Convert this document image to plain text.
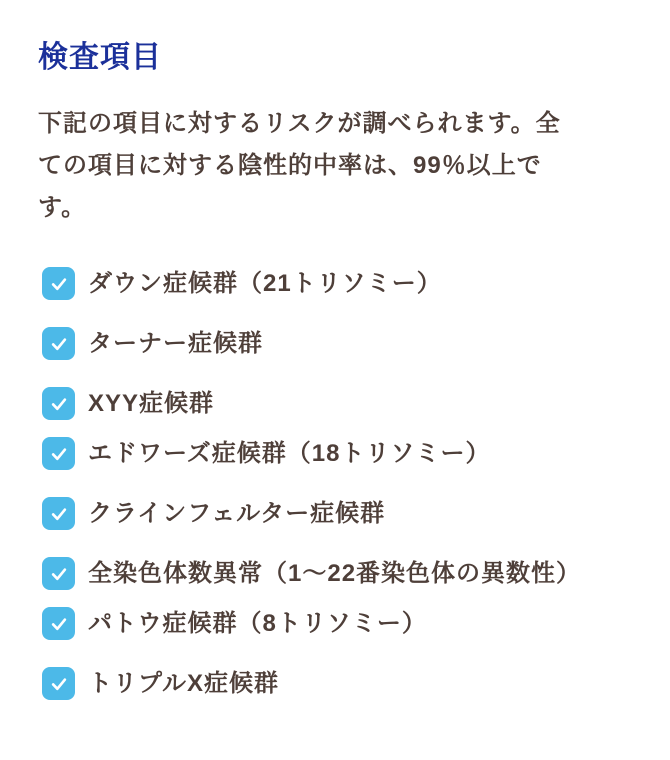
検査項目

下記の項目に対するリスクが調べられます。全ての項目に対する陰性的中率は、99％以上です。

ダウン症候群（21トリソミー）
ターナー症候群
XYY症候群
エドワーズ症候群（18トリソミー）
クラインフェルター症候群
全染色体数異常（1〜22番染色体の異数性）
パトウ症候群（8トリソミー）
トリプルX症候群
